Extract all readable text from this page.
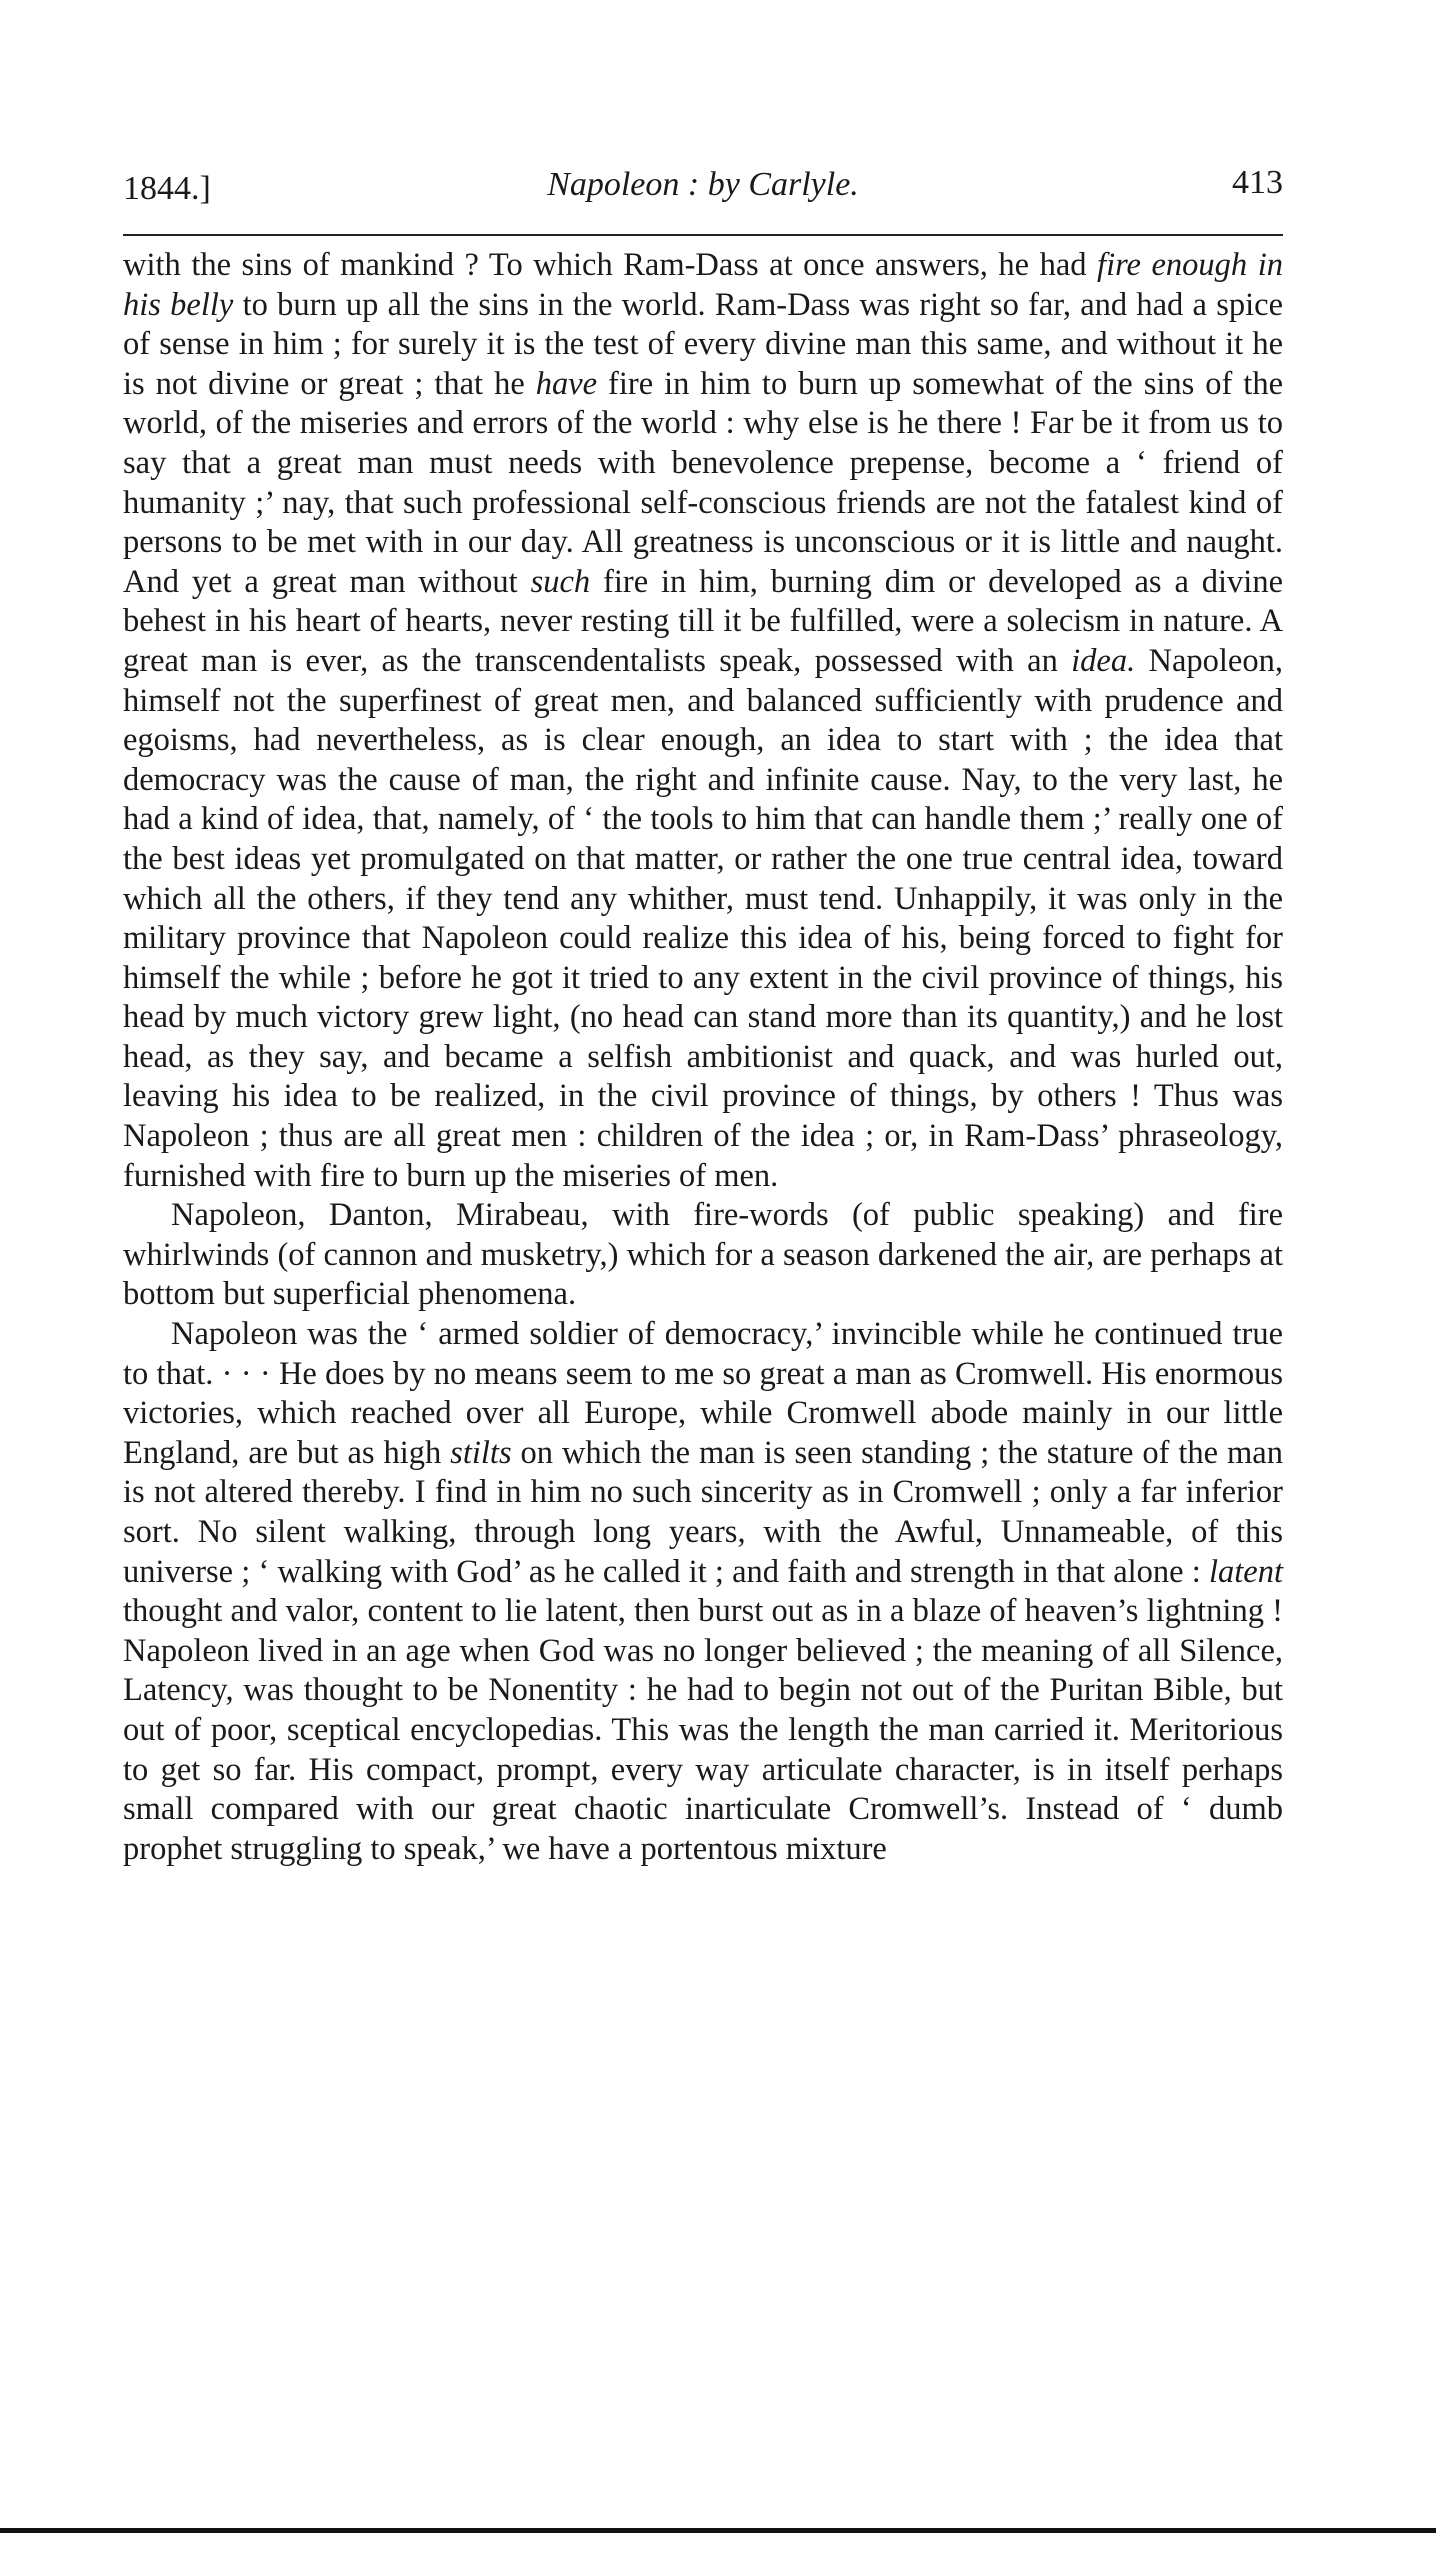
1844.]	Napoleon : by Carlyle.	413

with the sins of mankind ? To which Ram-Dass at once answers, he had fire enough in his belly to burn up all the sins in the world. Ram-Dass was right so far, and had a spice of sense in him ; for surely it is the test of every divine man this same, and without it he is not divine or great ; that he have fire in him to burn up somewhat of the sins of the world, of the miseries and errors of the world : why else is he there ! Far be it from us to say that a great man must needs with benevolence prepense, become a ‘ friend of humanity ;’ nay, that such professional self-conscious friends are not the fatalest kind of persons to be met with in our day. All greatness is unconscious or it is little and naught. And yet a great man without such fire in him, burning dim or developed as a divine behest in his heart of hearts, never resting till it be fulfilled, were a solecism in nature. A great man is ever, as the transcendentalists speak, possessed with an idea. Napoleon, himself not the superfinest of great men, and balanced sufficiently with prudence and egoisms, had nevertheless, as is clear enough, an idea to start with ; the idea that democracy was the cause of man, the right and infinite cause. Nay, to the very last, he had a kind of idea, that, namely, of ‘ the tools to him that can handle them ;’ really one of the best ideas yet promulgated on that matter, or rather the one true central idea, toward which all the others, if they tend any whither, must tend. Unhappily, it was only in the military province that Napoleon could realize this idea of his, being forced to fight for himself the while ; before he got it tried to any extent in the civil province of things, his head by much victory grew light, (no head can stand more than its quantity,) and he lost head, as they say, and became a selfish ambitionist and quack, and was hurled out, leaving his idea to be realized, in the civil province of things, by others ! Thus was Napoleon ; thus are all great men : children of the idea ; or, in Ram-Dass’ phraseology, furnished with fire to burn up the miseries of men.

Napoleon, Danton, Mirabeau, with fire-words (of public speaking) and fire whirlwinds (of cannon and musketry,) which for a season darkened the air, are perhaps at bottom but superficial phenomena.

Napoleon was the ‘ armed soldier of democracy,’ invincible while he continued true to that. · · · He does by no means seem to me so great a man as Cromwell. His enormous victories, which reached over all Europe, while Cromwell abode mainly in our little England, are but as high stilts on which the man is seen standing ; the stature of the man is not altered thereby. I find in him no such sincerity as in Cromwell ; only a far inferior sort. No silent walking, through long years, with the Awful, Unnameable, of this universe ; ‘ walking with God’ as he called it ; and faith and strength in that alone : latent thought and valor, content to lie latent, then burst out as in a blaze of heaven’s lightning ! Napoleon lived in an age when God was no longer believed ; the meaning of all Silence, Latency, was thought to be Nonentity : he had to begin not out of the Puritan Bible, but out of poor, sceptical encyclopedias. This was the length the man carried it. Meritorious to get so far. His compact, prompt, every way articulate character, is in itself perhaps small compared with our great chaotic inarticulate Cromwell’s. Instead of ‘ dumb prophet struggling to speak,’ we have a portentous mixture
